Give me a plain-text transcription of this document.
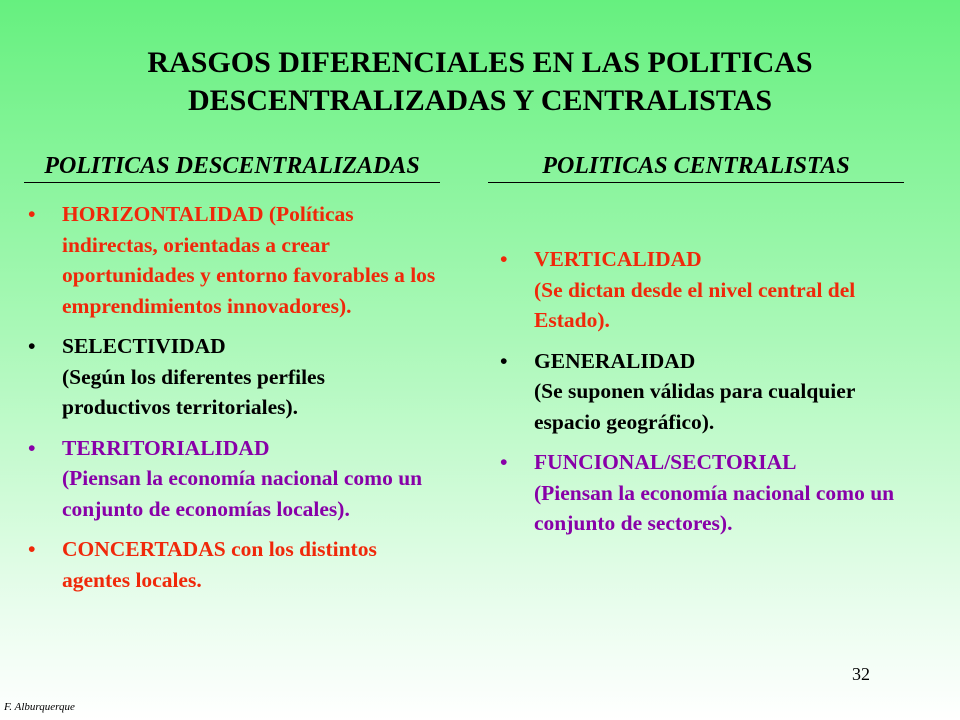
RASGOS DIFERENCIALES EN LAS POLITICAS
DESCENTRALIZADAS Y CENTRALISTAS
POLITICAS DESCENTRALIZADAS	POLITICAS CENTRALISTAS
• HORIZONTALIDAD (Políticas indirectas, orientadas a crear oportunidades y entorno favorables a los emprendimientos innovadores).
• SELECTIVIDAD
(Según los diferentes perfiles productivos territoriales).
• TERRITORIALIDAD
(Piensan la economía nacional como un conjunto de economías locales).
• CONCERTADAS con los distintos agentes locales.
• VERTICALIDAD
(Se dictan desde el nivel central del Estado).
• GENERALIDAD
(Se suponen válidas para cualquier espacio geográfico).
• FUNCIONAL/SECTORIAL
(Piensan la economía nacional como un conjunto de sectores).
32
F. Alburquerque
